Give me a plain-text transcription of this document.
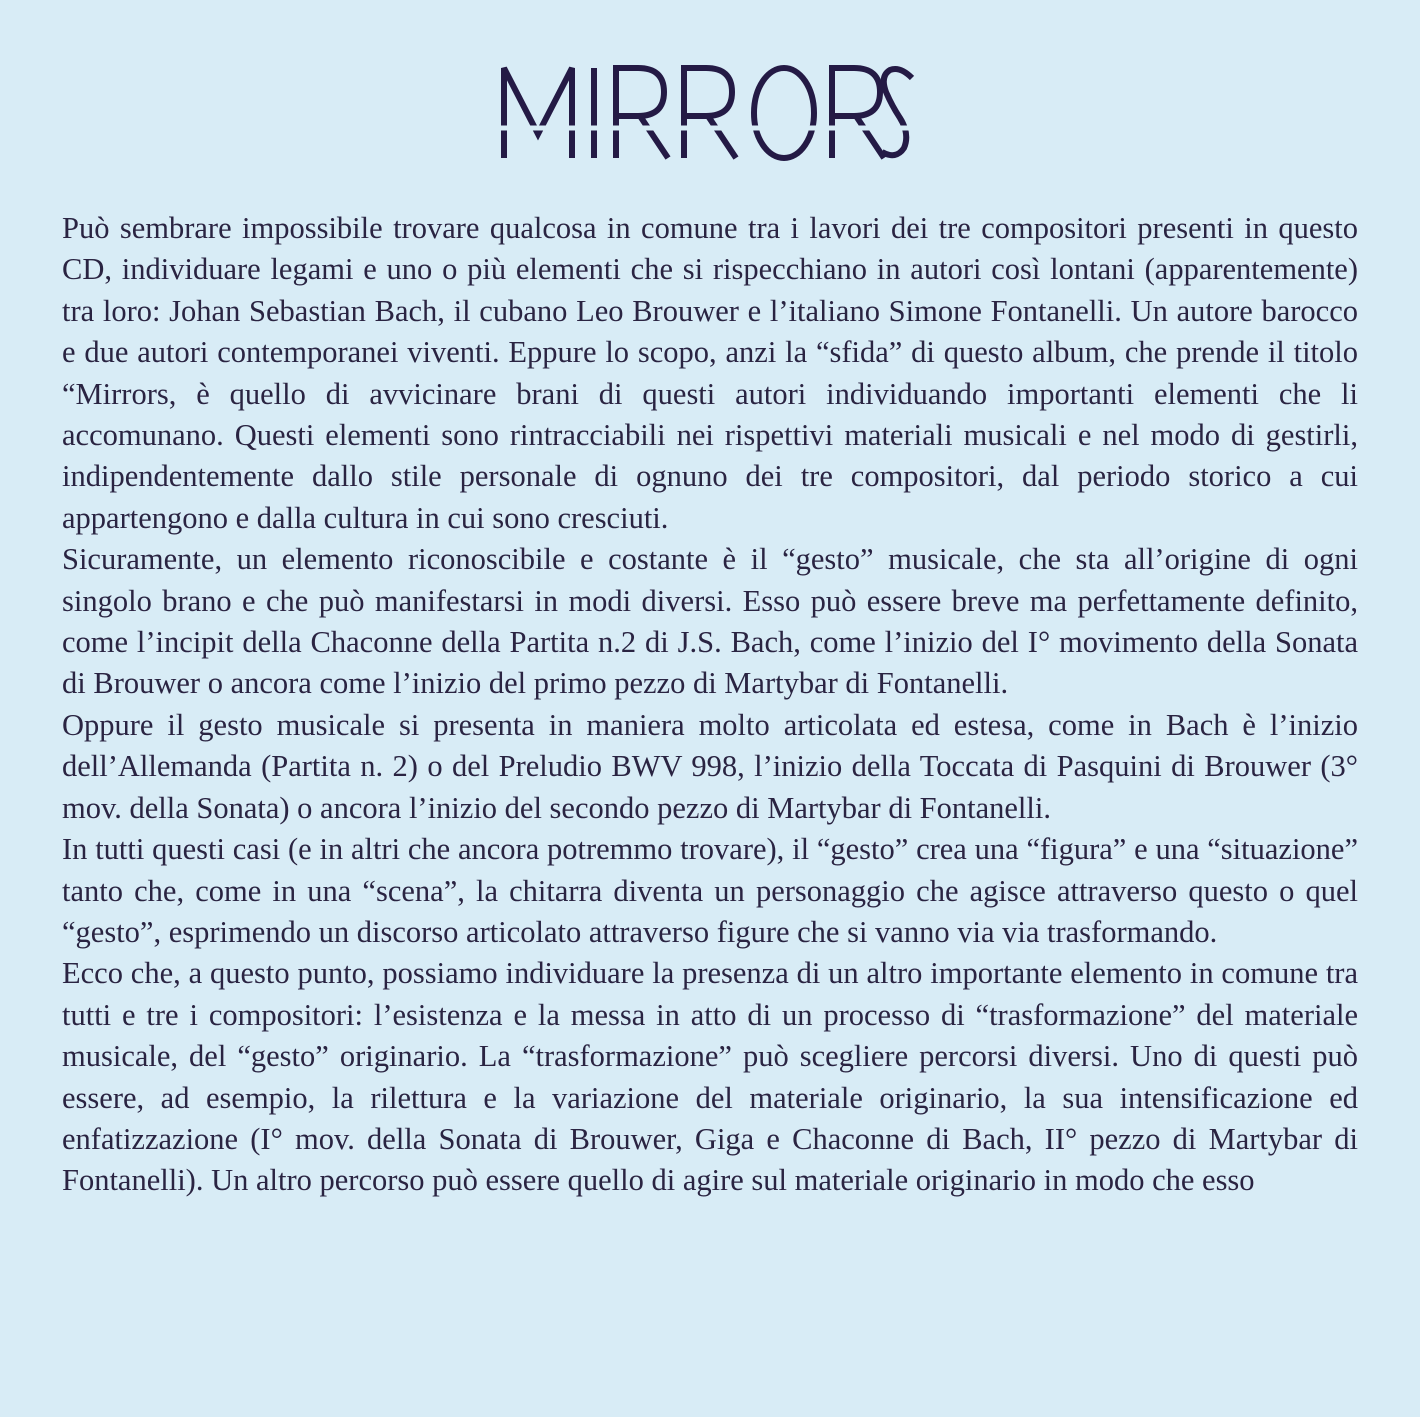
Può sembrare impossibile trovare qualcosa in comune tra i lavori dei tre compositori presenti in questo CD, individuare legami e uno o più elementi che si rispecchiano in autori così lontani (apparentemente) tra loro: Johan Sebastian Bach, il cubano Leo Brouwer e l’italiano Simone Fontanelli. Un autore barocco e due autori contemporanei viventi. Eppure lo scopo, anzi la “sfida” di questo album, che prende il titolo “Mirrors, è quello di avvicinare brani di questi autori individuando importanti elementi che li accomunano. Questi elementi sono rintracciabili nei rispettivi materiali musicali e nel modo di gestirli, indipendentemente dallo stile personale di ognuno dei tre compositori, dal periodo storico a cui appartengono e dalla cultura in cui sono cresciuti.

Sicuramente, un elemento riconoscibile e costante è il “gesto” musicale, che sta all’origine di ogni singolo brano e che può manifestarsi in modi diversi. Esso può essere breve ma perfettamente definito, come l’incipit della Chaconne della Partita n.2 di J.S. Bach, come l’inizio del I° movimento della Sonata di Brouwer o ancora come l’inizio del primo pezzo di Martybar di Fontanelli.

Oppure il gesto musicale si presenta in maniera molto articolata ed estesa, come in Bach è l’inizio dell’Allemanda (Partita n. 2) o del Preludio BWV 998, l’inizio della Toccata di Pasquini di Brouwer (3° mov. della Sonata) o ancora l’inizio del secondo pezzo di Martybar di Fontanelli.

In tutti questi casi (e in altri che ancora potremmo trovare), il “gesto” crea una “figura” e una “situazione” tanto che, come in una “scena”, la chitarra diventa un personaggio che agisce attraverso questo o quel “gesto”, esprimendo un discorso articolato attraverso figure che si vanno via via trasformando.

Ecco che, a questo punto, possiamo individuare la presenza di un altro importante elemento in comune tra tutti e tre i compositori: l’esistenza e la messa in atto di un processo di “trasformazione” del materiale musicale, del “gesto” originario. La “trasformazione” può scegliere percorsi diversi. Uno di questi può essere, ad esempio, la rilettura e la variazione del materiale originario, la sua intensificazione ed enfatizzazione (I° mov. della Sonata di Brouwer, Giga e Chaconne di Bach, II° pezzo di Martybar di Fontanelli). Un altro percorso può essere quello di agire sul materiale originario in modo che esso
